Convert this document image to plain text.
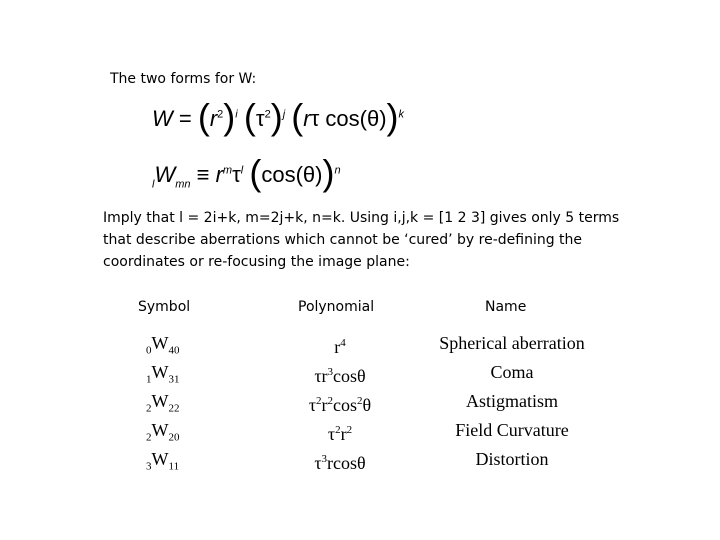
The two forms for W:
$W = (r^2)^i$ $(\tau^2)^j$ (rτ cos(θ))$^k$
$_lW_{mn} \equiv r^m\tau^l$ $(\cos(\theta))^n$
Imply that l = 2i+k, m=2j+k, n=k. Using i,j,k = [1 2 3] gives only 5 terms that describe aberrations which cannot be ‘cured’ by re-defining the coordinates or re-focusing the image plane:
Symbol	Polynomial	Name
$_0W_{40}$
$_1W_{31}$
$_2W_{22}$
$_2W_{20}$
$_3W_{11}$
$r^4$
$\tau r^3\cos\theta$
$\tau^2r^2\cos^2\theta$
$\tau^2r^2$
$\tau^3rcos\theta$
Spherical aberration
Coma
Astigmatism
Field Curvature
Distortion
